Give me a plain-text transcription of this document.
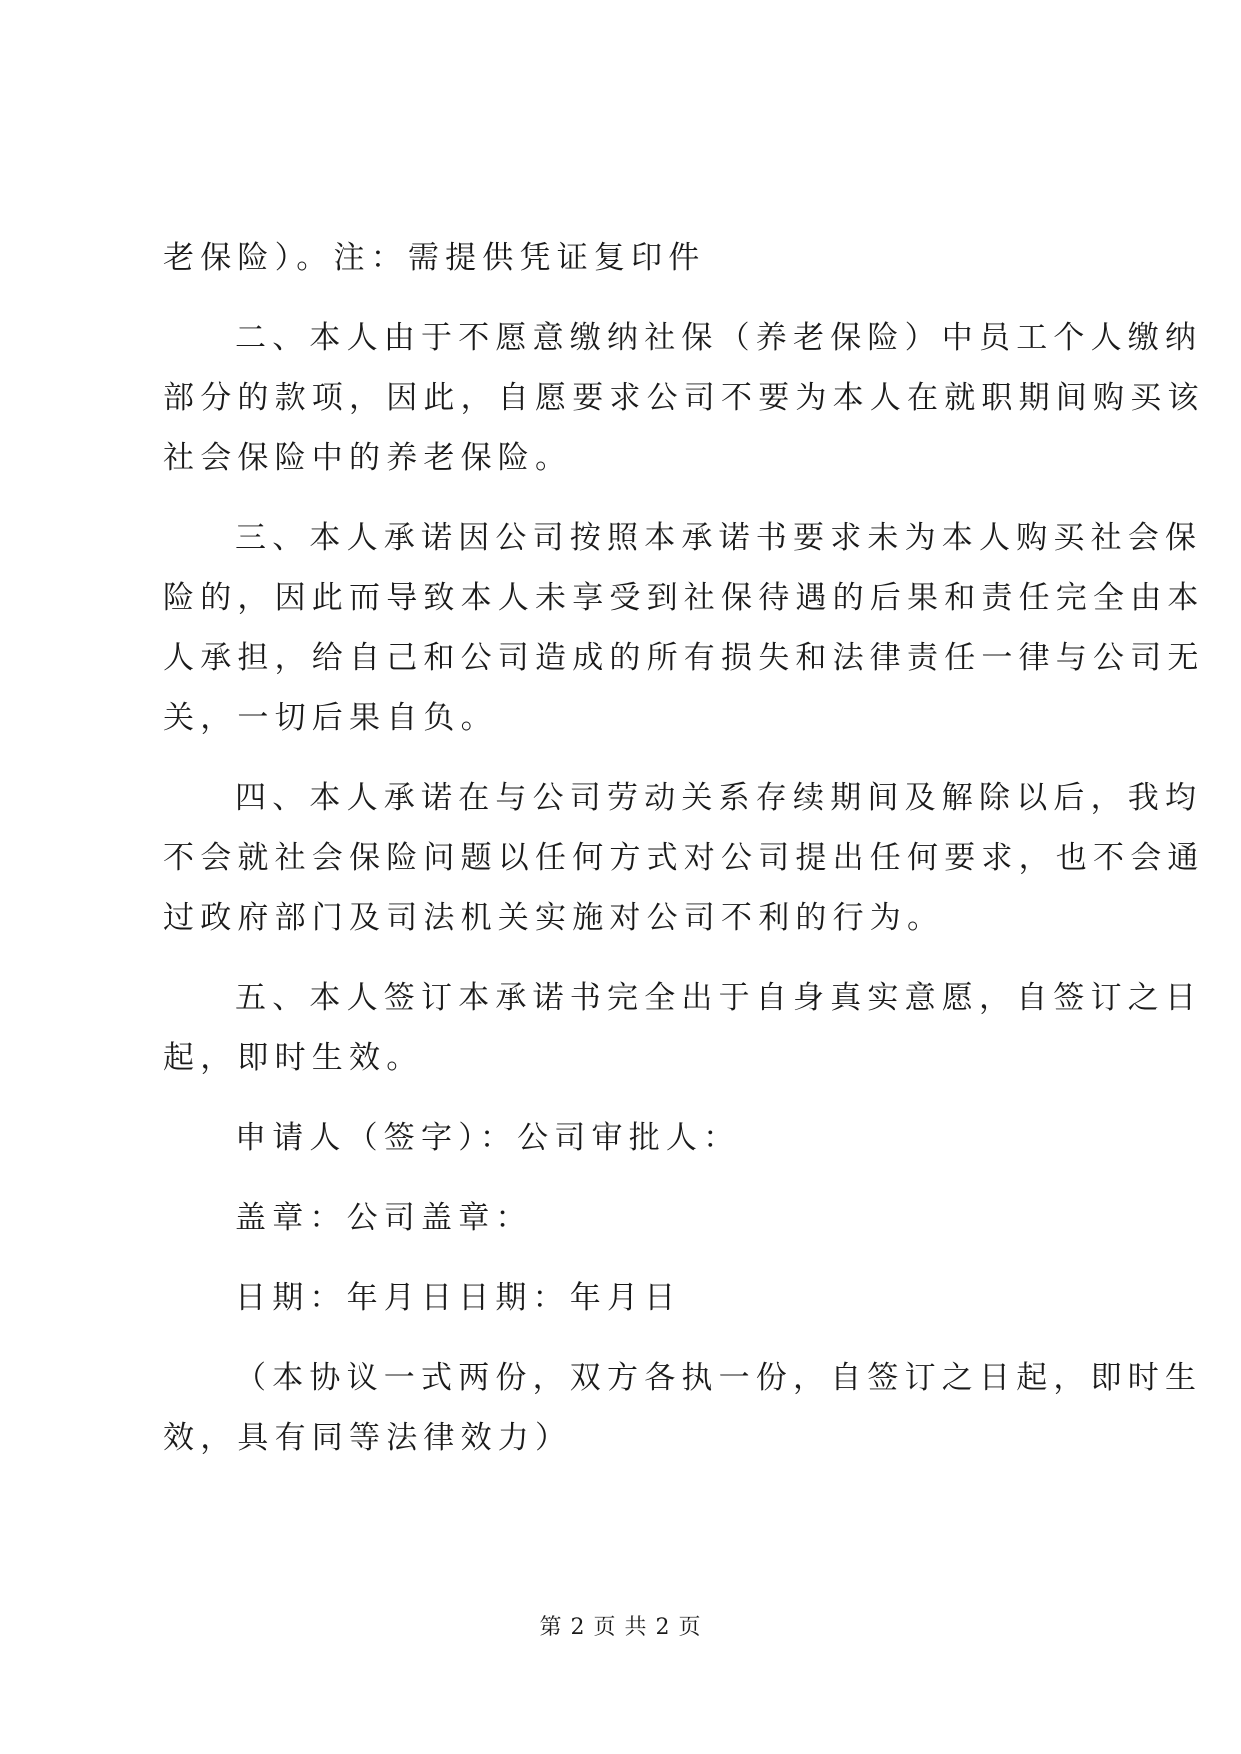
老保险）。注：需提供凭证复印件
二、本人由于不愿意缴纳社保（养老保险）中员工个人缴纳
部分的款项，因此，自愿要求公司不要为本人在就职期间购买该
社会保险中的养老保险。
三、本人承诺因公司按照本承诺书要求未为本人购买社会保
险的，因此而导致本人未享受到社保待遇的后果和责任完全由本
人承担，给自己和公司造成的所有损失和法律责任一律与公司无
关，一切后果自负。
四、本人承诺在与公司劳动关系存续期间及解除以后，我均
不会就社会保险问题以任何方式对公司提出任何要求，也不会通
过政府部门及司法机关实施对公司不利的行为。
五、本人签订本承诺书完全出于自身真实意愿，自签订之日
起，即时生效。
申请人（签字）：公司审批人：
盖章：公司盖章：
日期：年月日日期：年月日
（本协议一式两份，双方各执一份，自签订之日起，即时生
效，具有同等法律效力）
第 2 页 共 2 页
